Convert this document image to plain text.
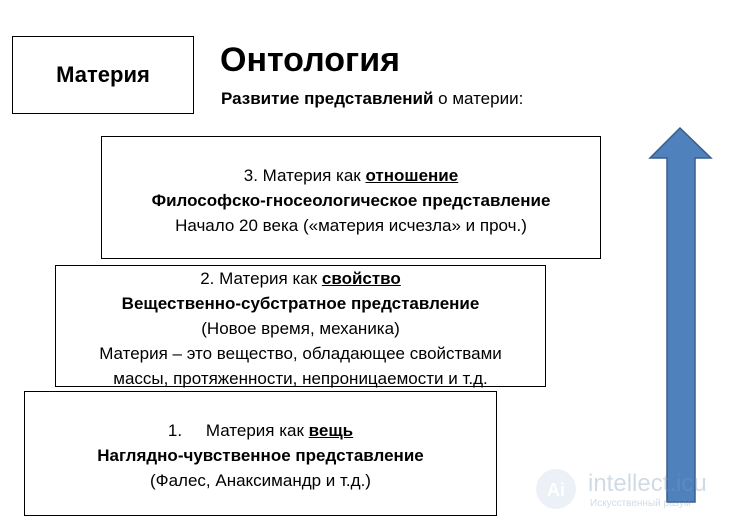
Материя Онтология
Развитие представлений о материи:
3. Материя как отношение
Философско-гносеологическое представление
Начало 20 века («материя исчезла» и проч.)
2. Материя как свойство
Вещественно-субстратное представление
(Новое время, механика)
Материя – это вещество, обладающее свойствами
массы, протяженности, непроницаемости и т.д.
1. Материя как вещь
Наглядно-чувственное представление
(Фалес, Анаксимандр и т.д.)	Ai intellect.icu
Искусственный разум
